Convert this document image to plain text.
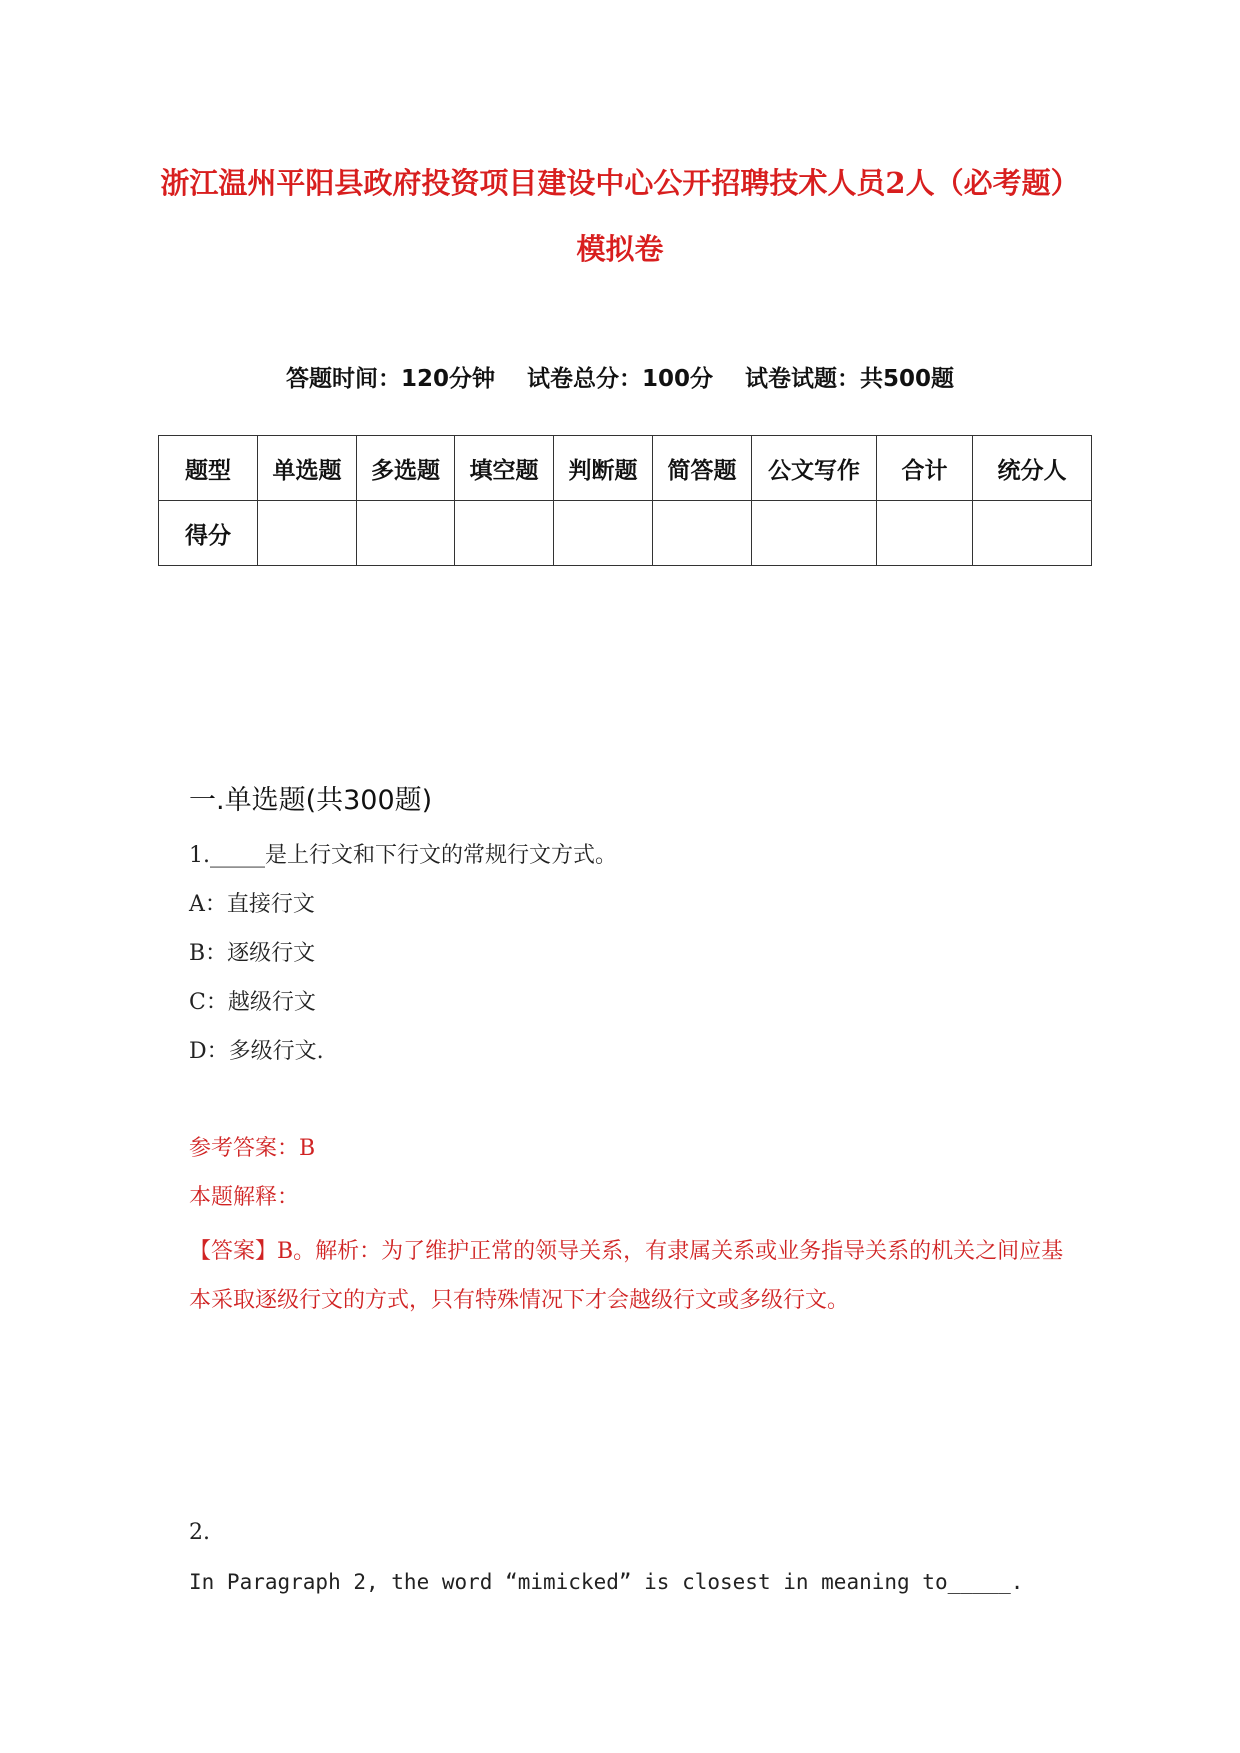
浙江温州平阳县政府投资项目建设中心公开招聘技术人员2人（必考题）模拟卷
答题时间：120分钟 试卷总分：100分 试卷试题：共500题
题型	单选题	多选题	填空题	判断题	简答题	公文写作	合计	统分人
得分								
一.单选题(共300题)
1._____是上行文和下行文的常规行文方式。
A：直接行文
B：逐级行文
C：越级行文
D：多级行文.
参考答案：B
本题解释：
【答案】B。解析：为了维护正常的领导关系，有隶属关系或业务指导关系的机关之间应基本采取逐级行文的方式，只有特殊情况下才会越级行文或多级行文。
2.
In Paragraph 2, the word “mimicked” is closest in meaning to_____.
